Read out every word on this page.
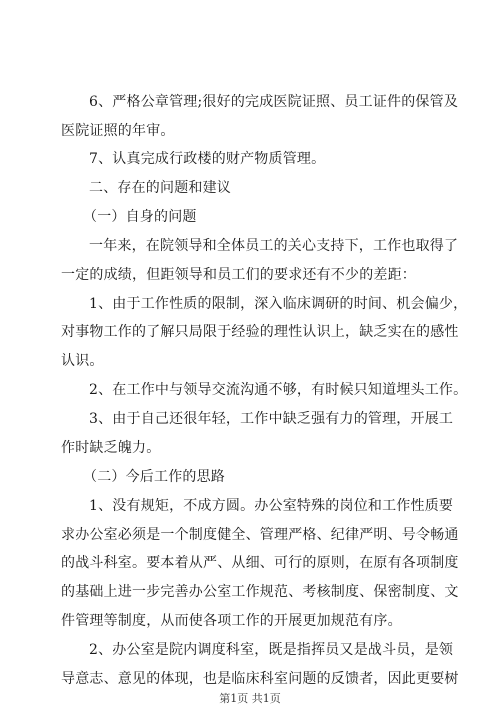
6、严格公章管理;很好的完成医院证照、员工证件的保管及
医院证照的年审。
7、认真完成行政楼的财产物质管理。
二、存在的问题和建议
（一）自身的问题
一年来，在院领导和全体员工的关心支持下，工作也取得了
一定的成绩，但距领导和员工们的要求还有不少的差距：
1、由于工作性质的限制，深入临床调研的时间、机会偏少，
对事物工作的了解只局限于经验的理性认识上，缺乏实在的感性
认识。
2、在工作中与领导交流沟通不够，有时候只知道埋头工作。
3、由于自己还很年轻，工作中缺乏强有力的管理，开展工
作时缺乏魄力。
（二）今后工作的思路
1、没有规矩，不成方圆。办公室特殊的岗位和工作性质要
求办公室必须是一个制度健全、管理严格、纪律严明、号令畅通
的战斗科室。要本着从严、从细、可行的原则，在原有各项制度
的基础上进一步完善办公室工作规范、考核制度、保密制度、文
件管理等制度，从而使各项工作的开展更加规范有序。
2、办公室是院内调度科室，既是指挥员又是战斗员，是领
导意志、意见的体现，也是临床科室问题的反馈者，因此更要树
第1页 共1页
